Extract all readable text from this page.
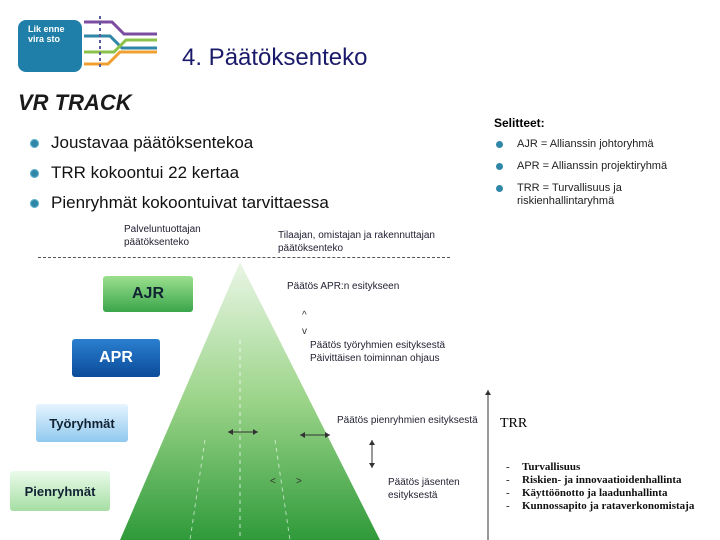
Lik enne vira sto
4. Päätöksenteko
VR TRACK
Joustavaa päätöksentekoa
TRR kokoontui 22 kertaa
Pienryhmät kokoontuivat tarvittaessa
Selitteet:
AJR = Allianssin johtoryhmä
APR = Allianssin projektiryhmä
TRR = Turvallisuus ja riskienhallintaryhmä
Palveluntuottajan päätöksenteko
Tilaajan, omistajan ja rakennuttajan päätöksenteko
AJR
APR
Työryhmät
Pienryhmät
Päätös APR:n esitykseen
^
v
Päätös työryhmien esityksestä
Päivittäisen toiminnan ohjaus
Päätös pienryhmien esityksestä
Päätös jäsenten esityksestä
< >
TRR
-	Turvallisuus
-	Riskien- ja innovaatioidenhallinta
-	Käyttöönotto ja laadunhallinta
-	Kunnossapito ja rataverkonomistaja
